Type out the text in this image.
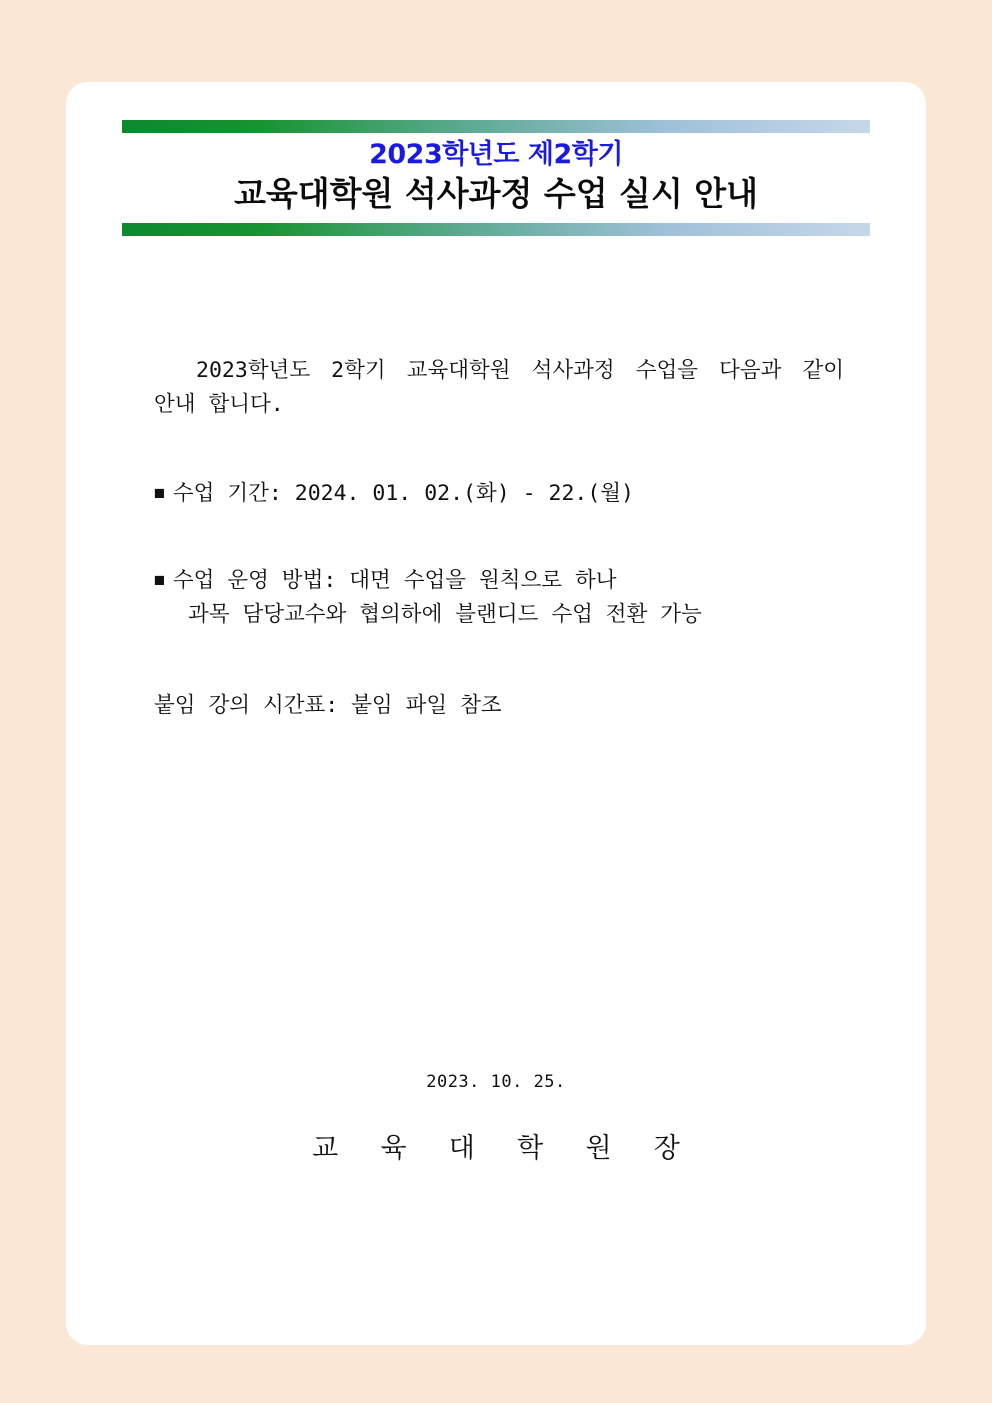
2023학년도 제2학기
교육대학원 석사과정 수업 실시 안내

2023학년도 2학기 교육대학원 석사과정 수업을 다음과 같이 안내 합니다.

◼ 수업 기간: 2024. 01. 02.(화) - 22.(월)
◼ 수업 운영 방법: 대면 수업을 원칙으로 하나
과목 담당교수와 협의하에 블랜디드 수업 전환 가능
붙임 강의 시간표: 붙임 파일 참조
2023. 10. 25.
교 육 대 학 원 장
